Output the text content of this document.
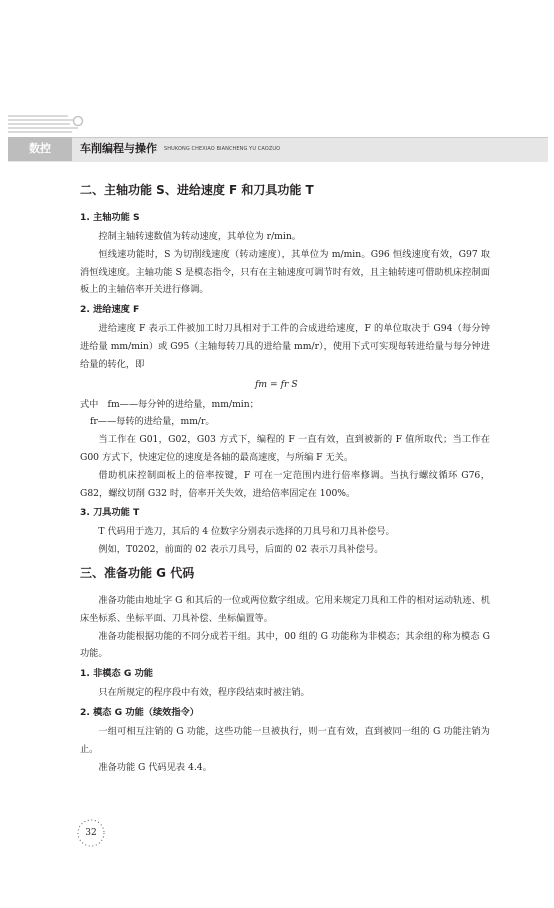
数控	车削编程与操作 SHUKONG CHEXIAO BIANCHENG YU CAOZUO
二、主轴功能 S、进给速度 F 和刀具功能 T
1. 主轴功能 S

控制主轴转速数值为转动速度，其单位为 r/min。

恒线速功能时，S 为切削线速度（转动速度），其单位为 m/min。G96 恒线速度有效，G97 取消恒线速度。主轴功能 S 是模态指令，只有在主轴速度可调节时有效，且主轴转速可借助机床控制面板上的主轴倍率开关进行修调。

2. 进给速度 F

进给速度 F 表示工件被加工时刀具相对于工件的合成进给速度，F 的单位取决于 G94（每分钟进给量 mm/min）或 G95（主轴每转刀具的进给量 mm/r），使用下式可实现每转进给量与每分钟进给量的转化，即

fm = fr S
式中　fm——每分钟的进给量，mm/min；
fr——每转的进给量，mm/r。

当工作在 G01，G02，G03 方式下，编程的 F 一直有效，直到被新的 F 值所取代；当工作在 G00 方式下，快速定位的速度是各轴的最高速度，与所编 F 无关。

借助机床控制面板上的倍率按键，F 可在一定范围内进行倍率修调。当执行螺纹循环 G76，G82，螺纹切削 G32 时，倍率开关失效，进给倍率固定在 100%。

3. 刀具功能 T

T 代码用于选刀，其后的 4 位数字分别表示选择的刀具号和刀具补偿号。

例如，T0202，前面的 02 表示刀具号，后面的 02 表示刀具补偿号。

三、准备功能 G 代码

准备功能由地址字 G 和其后的一位或两位数字组成。它用来规定刀具和工件的相对运动轨迹、机床坐标系、坐标平面、刀具补偿、坐标偏置等。

准备功能根据功能的不同分成若干组。其中，00 组的 G 功能称为非模态；其余组的称为模态 G 功能。

1. 非模态 G 功能

只在所规定的程序段中有效，程序段结束时被注销。

2. 模态 G 功能（续效指令）

一组可相互注销的 G 功能，这些功能一旦被执行，则一直有效，直到被同一组的 G 功能注销为止。

准备功能 G 代码见表 4.4。

32
